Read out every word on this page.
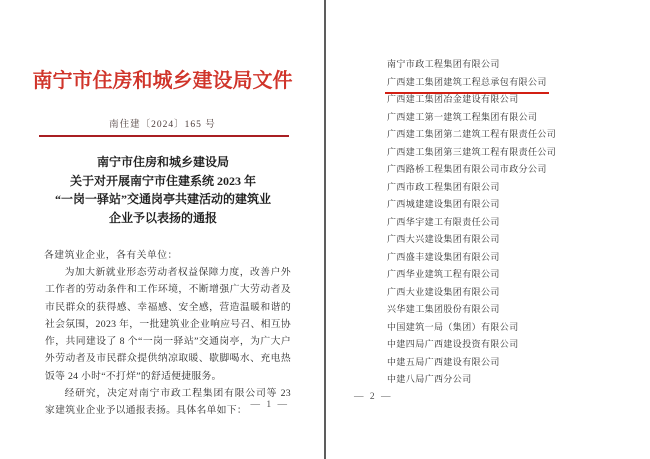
南宁市住房和城乡建设局文件
南住建〔2024〕165 号
南宁市住房和城乡建设局
关于对开展南宁市住建系统 2023 年
“一岗一驿站”交通岗亭共建活动的建筑业
企业予以表扬的通报
各建筑业企业，各有关单位：

为加大新就业形态劳动者权益保障力度，改善户外工作者的劳动条件和工作环境，不断增强广大劳动者及市民群众的获得感、幸福感、安全感，营造温暖和谐的社会氛围，2023 年，一批建筑业企业响应号召、相互协作，共同建设了 8 个“一岗一驿站”交通岗亭，为广大户外劳动者及市民群众提供纳凉取暖、歇脚喝水、充电热饭等 24 小时“不打烊”的舒适便捷服务。

经研究，决定对南宁市政工程集团有限公司等 23 家建筑业企业予以通报表扬。具体名单如下：

— 1 —
南宁市政工程集团有限公司
广西建工集团建筑工程总承包有限公司
广西建工集团冶金建设有限公司
广西建工第一建筑工程集团有限公司
广西建工集团第二建筑工程有限责任公司
广西建工集团第三建筑工程有限责任公司
广西路桥工程集团有限公司市政分公司
广西市政工程集团有限公司
广西城建建设集团有限公司
广西华宇建工有限责任公司
广西大兴建设集团有限公司
广西盛丰建设集团有限公司
广西华业建筑工程有限公司
广西大业建设集团有限公司
兴华建工集团股份有限公司
中国建筑一局（集团）有限公司
中建四局广西建设投资有限公司
中建五局广西建设有限公司
中建八局广西分公司
— 2 —
